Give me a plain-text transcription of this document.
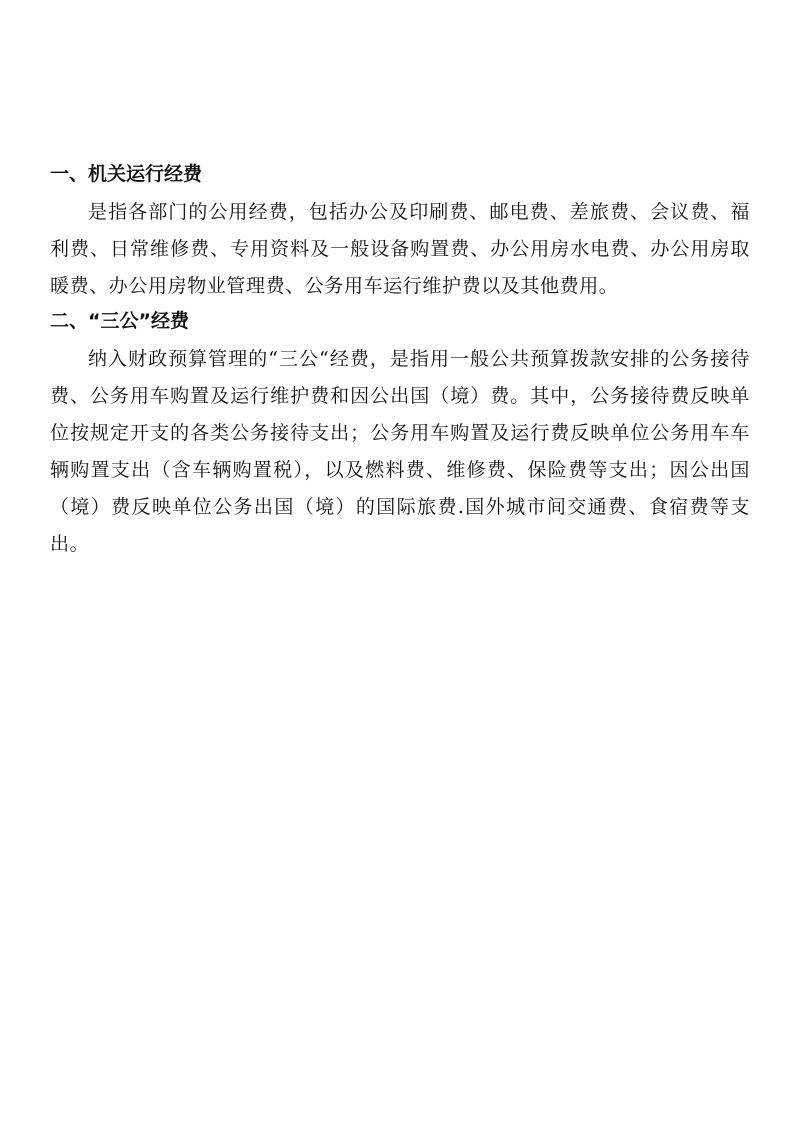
一、机关运行经费

是指各部门的公用经费，包括办公及印刷费、邮电费、差旅费、会议费、福利费、日常维修费、专用资料及一般设备购置费、办公用房水电费、办公用房取暖费、办公用房物业管理费、公务用车运行维护费以及其他费用。

二、“三公”经费

纳入财政预算管理的“三公“经费，是指用一般公共预算拨款安排的公务接待费、公务用车购置及运行维护费和因公出国（境）费。其中，公务接待费反映单位按规定开支的各类公务接待支出；公务用车购置及运行费反映单位公务用车车辆购置支出（含车辆购置税），以及燃料费、维修费、保险费等支出；因公出国（境）费反映单位公务出国（境）的国际旅费.国外城市间交通费、食宿费等支出。
